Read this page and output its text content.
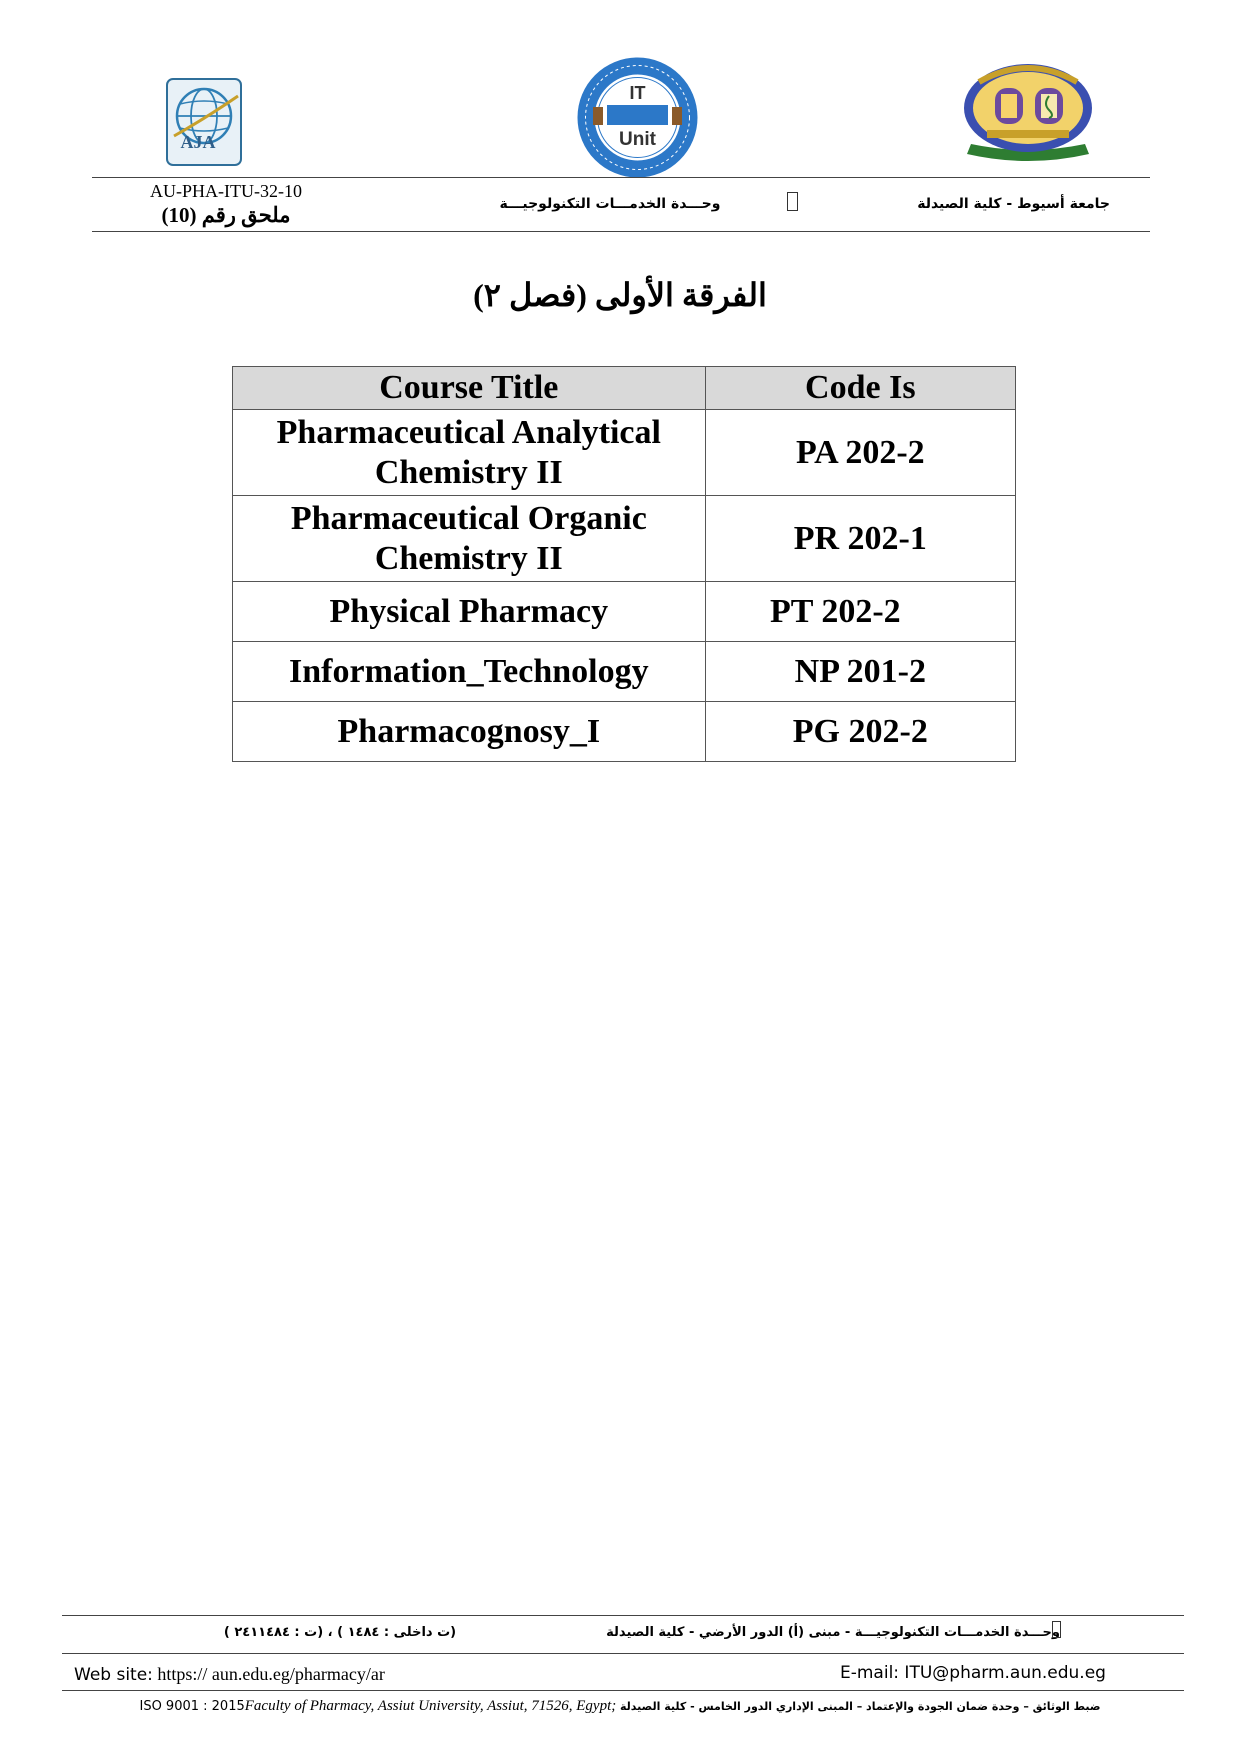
AJA
IT
Unit
AU-PHA-ITU-32-10
ملحق رقم (10)	وحـــدة الخدمـــات التكنولوجيـــة	جامعة أسيوط - كلية الصيدلة
الفرقة الأولى (فصل ٢)
Course Title	Code Is

Pharmaceutical Analytical
Chemistry II	PA 202-2

Pharmaceutical Organic
Chemistry II	PR 202-1
Physical Pharmacy	PT 202-2
Information_Technology	NP 201-2
Pharmacognosy_I	PG 202-2
(ت داخلى : ١٤٨٤ ) ، (ت : ٢٤١١٤٨٤ )	وحـــدة الخدمـــات التكنولوجيـــة - مبنى (أ) الدور الأرضي - كلية الصيدلة
Web site: https:// aun.edu.eg/pharmacy/ar	E-mail: ITU@pharm.aun.edu.eg
ISO 9001 : 2015Faculty of Pharmacy, Assiut University, Assiut, 71526, Egypt; ضبط الوثائق – وحدة ضمان الجودة والإعتماد – المبنى الإداري الدور الخامس - كلية الصيدلة
